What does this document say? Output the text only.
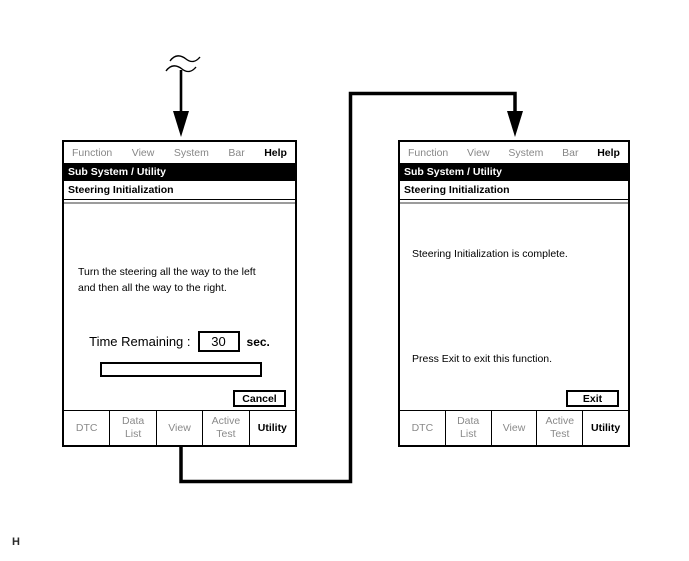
Function View System Bar Help
Sub System / Utility
Steering Initialization
Turn the steering all the way to the left
and then all the way to the right.
Time Remaining :	30	sec.
Cancel
DTC
Data List
View
Active Test
Utility
Function View System Bar Help
Sub System / Utility
Steering Initialization
Steering Initialization is complete.
Press Exit to exit this function.
Exit
DTC
Data List
View
Active Test
Utility
H
